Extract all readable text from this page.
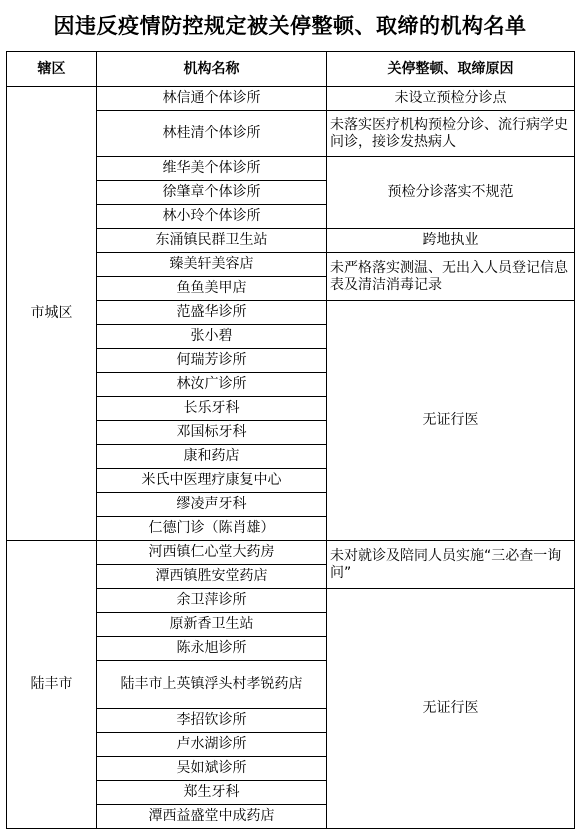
因违反疫情防控规定被关停整顿、取缔的机构名单
辖区	机构名称	关停整顿、取缔原因
市城区	林信通个体诊所	未设立预检分诊点
	林桂清个体诊所	未落实医疗机构预检分诊、流行病学史问诊，接诊发热病人
	维华美个体诊所	预检分诊落实不规范
	徐肇章个体诊所	
	林小玲个体诊所	
	东涌镇民群卫生站	跨地执业
	臻美轩美容店	未严格落实测温、无出入人员登记信息表及清洁消毒记录
	鱼鱼美甲店	
	范盛华诊所	无证行医
	张小碧	
	何瑞芳诊所	
	林汝广诊所	
	长乐牙科	
	邓国标牙科	
	康和药店	
	米氏中医理疗康复中心	
	缪凌声牙科	
	仁德门诊（陈肖雄）	
陆丰市	河西镇仁心堂大药房	未对就诊及陪同人员实施“三必查一询问”
	潭西镇胜安堂药店	
	余卫萍诊所	无证行医
	原新香卫生站	
	陈永旭诊所	
	陆丰市上英镇浮头村孝锐药店	
	李招钦诊所	
	卢水湖诊所	
	吴如斌诊所	
	郑生牙科	
	潭西益盛堂中成药店	
